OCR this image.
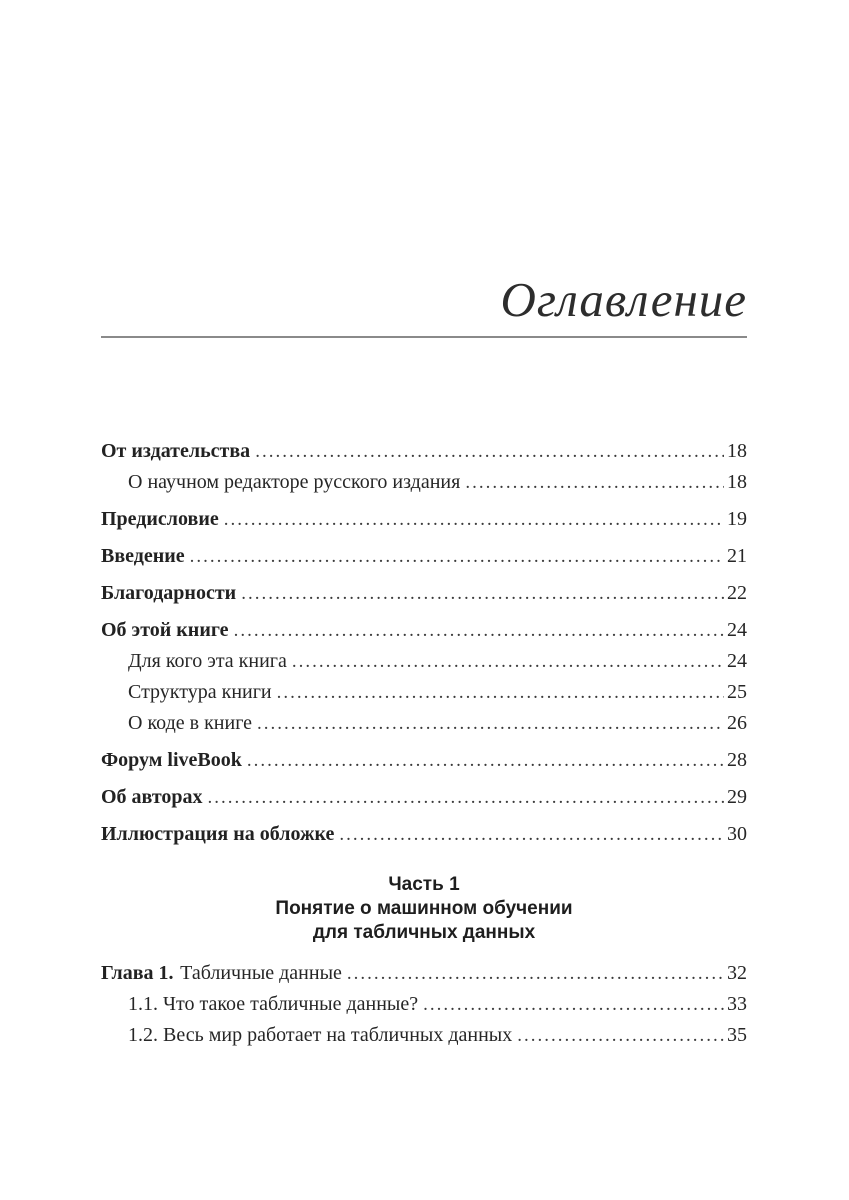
Оглавление
От издательства .....	18
О научном редакторе русского издания .....	18
Предисловие .....	19
Введение .....	21
Благодарности .....	22
Об этой книге .....	24
Для кого эта книга .....	24
Структура книги .....	25
О коде в книге .....	26
Форум liveBook .....	28
Об авторах .....	29
Иллюстрация на обложке .....	30
Часть 1
Понятие о машинном обучении
для табличных данных
Глава 1. Табличные данные .....	32
1.1. Что такое табличные данные? .....	33
1.2. Весь мир работает на табличных данных .....	35
